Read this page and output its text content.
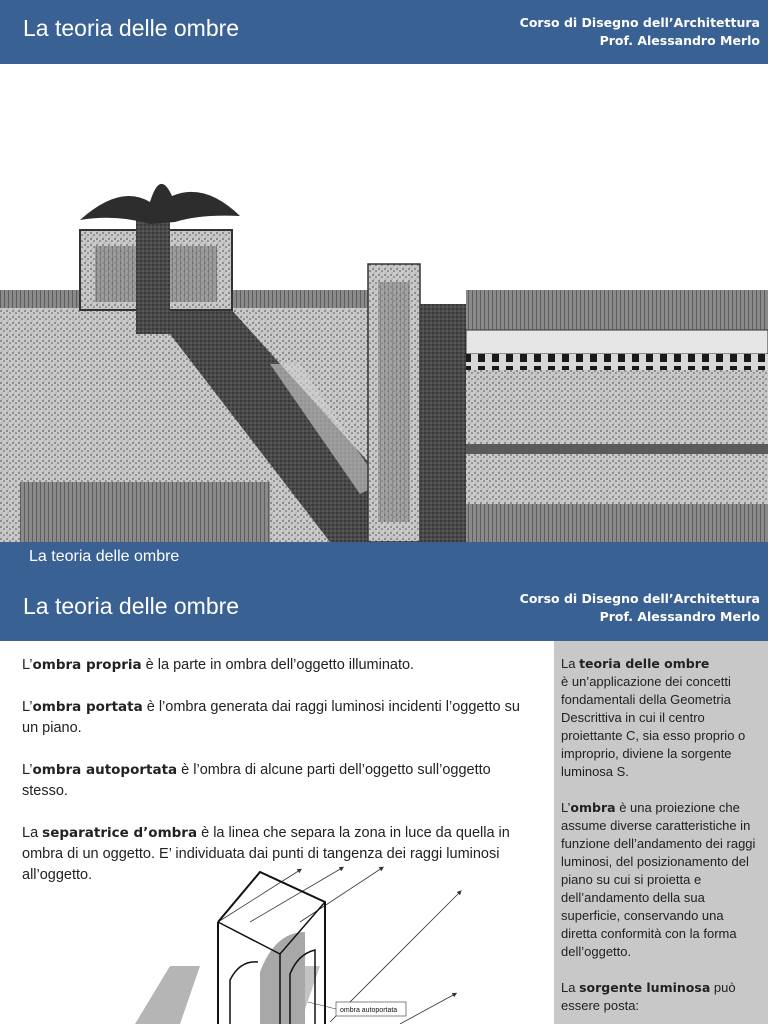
La teoria delle ombre	Corso di Disegno dell’Architettura
Prof. Alessandro Merlo
La teoria delle ombre
La teoria delle ombre	Corso di Disegno dell’Architettura
Prof. Alessandro Merlo

L’ombra propria è la parte in ombra dell’oggetto illuminato.

L’ombra portata è l’ombra generata dai raggi luminosi incidenti l’oggetto su un piano.

L’ombra autoportata è l’ombra di alcune parti dell’oggetto sull’oggetto stesso.

La separatrice d’ombra è la linea che separa la zona in luce da quella in ombra di un oggetto. E’ individuata dai punti di tangenza dei raggi luminosi all’oggetto.

ombra autoportata

La teoria delle ombre
è un’applicazione dei concetti fondamentali della Geometria Descrittiva in cui il centro proiettante C, sia esso proprio o improprio, diviene la sorgente luminosa S.

L’ombra è una proiezione che assume diverse caratteristiche in funzione dell’andamento dei raggi luminosi, del posizionamento del piano su cui si proietta e dell’andamento della sua superficie, conservando una diretta conformità con la forma dell’oggetto.

La sorgente luminosa può essere posta:
